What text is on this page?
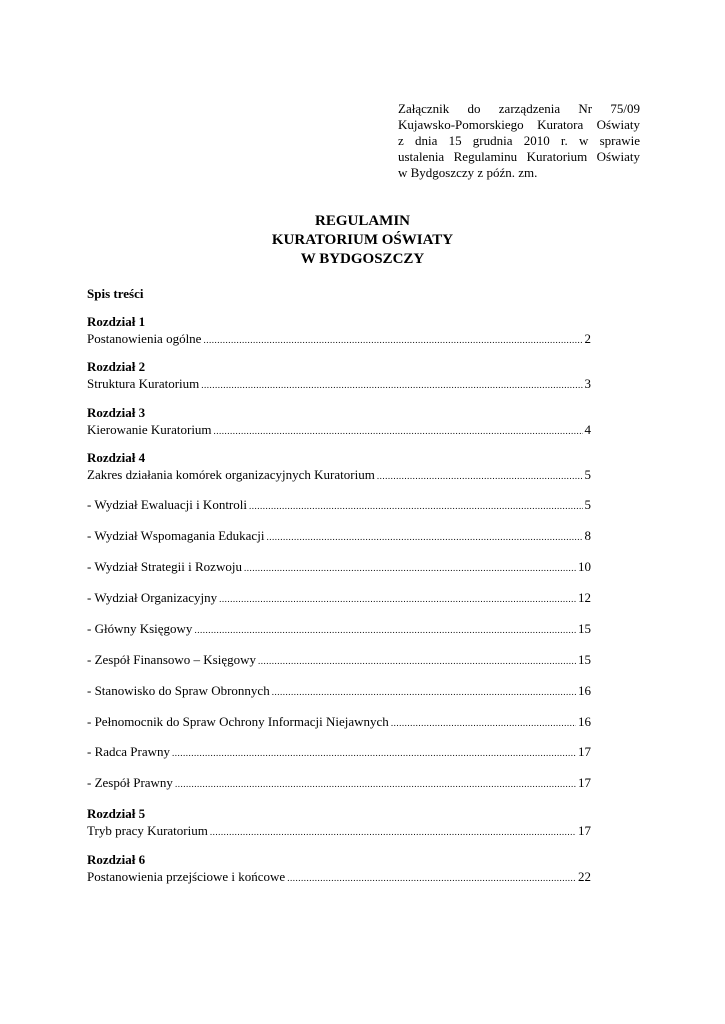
Załącznik do zarządzenia Nr 75/09
Kujawsko-Pomorskiego Kuratora Oświaty
z dnia 15 grudnia 2010 r. w sprawie
ustalenia Regulaminu Kuratorium Oświaty
w Bydgoszczy z późn. zm.
REGULAMIN
KURATORIUM OŚWIATY
W BYDGOSZCZY
Spis treści
Rozdział 1
Postanowienia ogólne .....	2
Rozdział 2
Struktura Kuratorium .....	3
Rozdział 3
Kierowanie Kuratorium .....	4
Rozdział 4
Zakres działania komórek organizacyjnych Kuratorium .....	5
- Wydział Ewaluacji i Kontroli .....	5
- Wydział Wspomagania Edukacji .....	8
- Wydział Strategii i Rozwoju .....	10
- Wydział Organizacyjny .....	12
- Główny Księgowy .....	15
- Zespół Finansowo – Księgowy .....	15
- Stanowisko do Spraw Obronnych .....	16
- Pełnomocnik do Spraw Ochrony Informacji Niejawnych .....	16
- Radca Prawny .....	17
- Zespół Prawny .....	17
Rozdział 5
Tryb pracy Kuratorium .....	17
Rozdział 6
Postanowienia przejściowe i końcowe .....	22
